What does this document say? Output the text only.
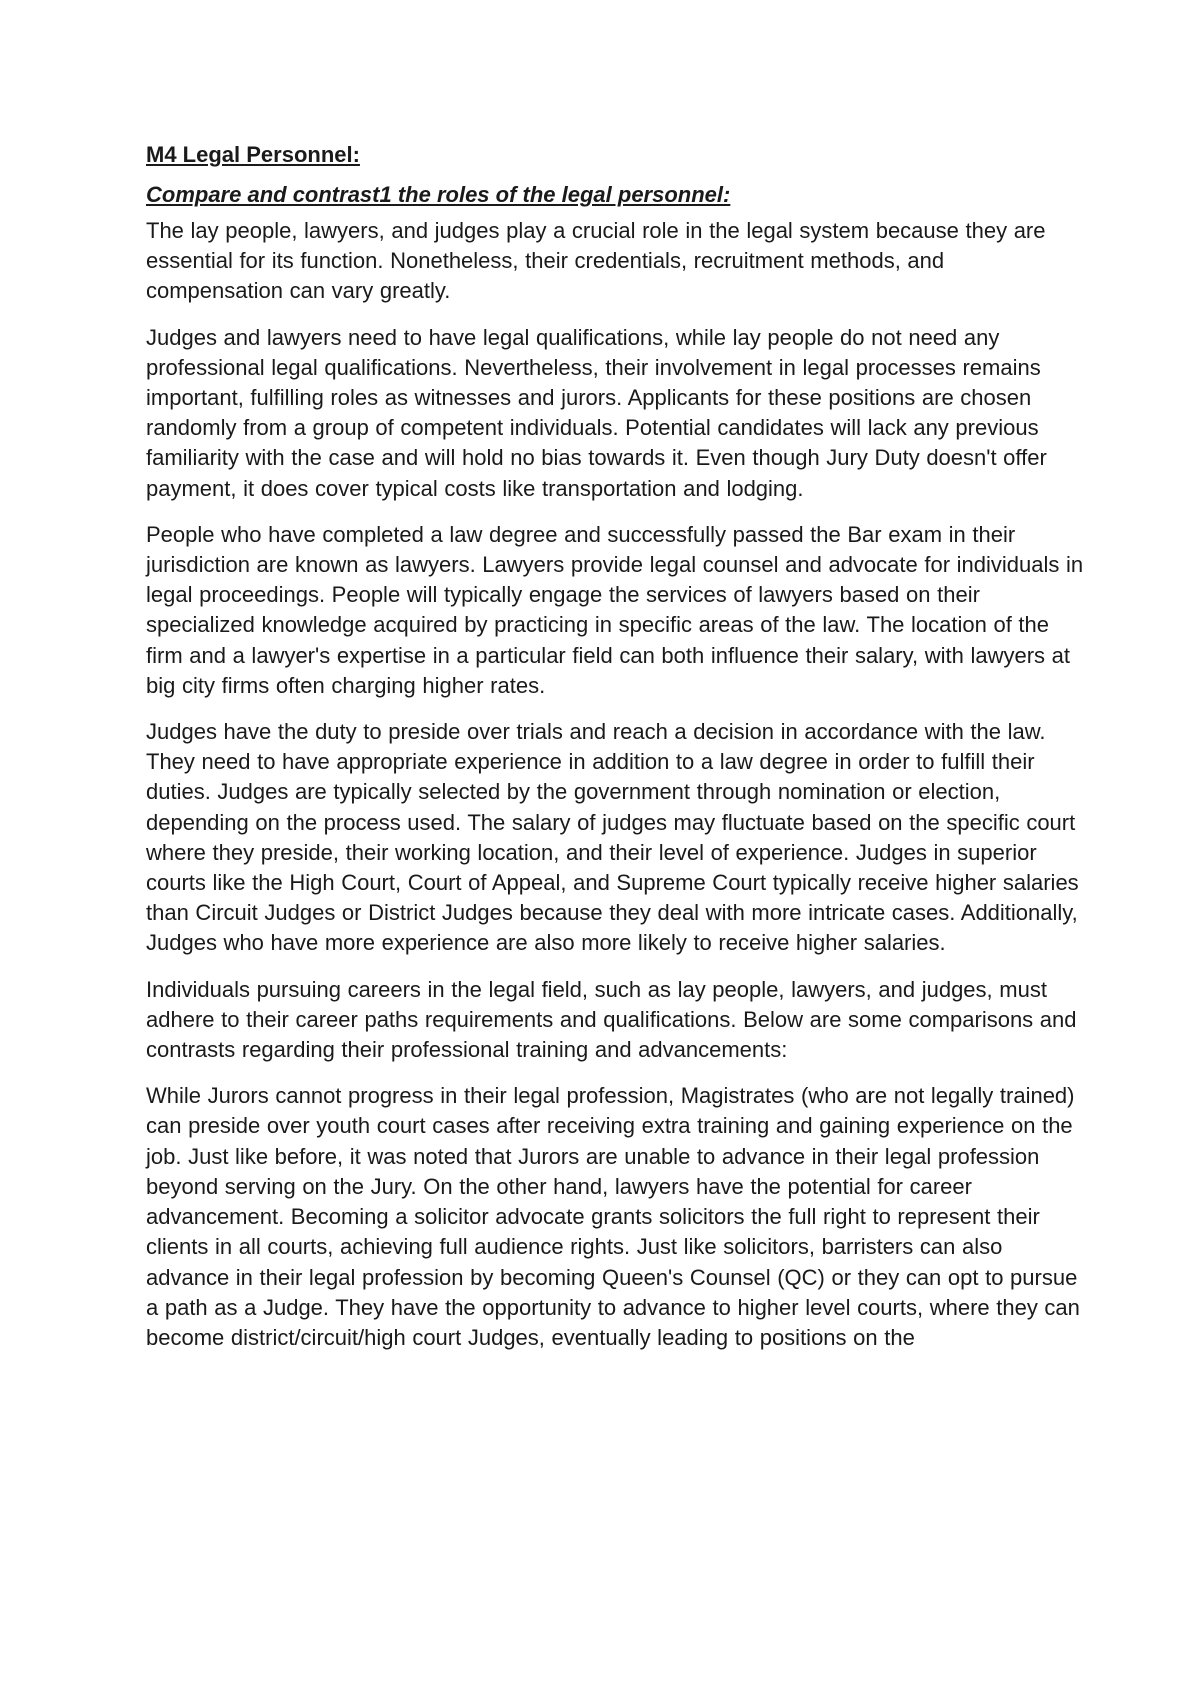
M4 Legal Personnel:
Compare and contrast1 the roles of the legal personnel:

The lay people, lawyers, and judges play a crucial role in the legal system because they are essential for its function. Nonetheless, their credentials, recruitment methods, and compensation can vary greatly.

Judges and lawyers need to have legal qualifications, while lay people do not need any professional legal qualifications. Nevertheless, their involvement in legal processes remains important, fulfilling roles as witnesses and jurors. Applicants for these positions are chosen randomly from a group of competent individuals. Potential candidates will lack any previous familiarity with the case and will hold no bias towards it. Even though Jury Duty doesn't offer payment, it does cover typical costs like transportation and lodging.

People who have completed a law degree and successfully passed the Bar exam in their jurisdiction are known as lawyers. Lawyers provide legal counsel and advocate for individuals in legal proceedings. People will typically engage the services of lawyers based on their specialized knowledge acquired by practicing in specific areas of the law. The location of the firm and a lawyer's expertise in a particular field can both influence their salary, with lawyers at big city firms often charging higher rates.

Judges have the duty to preside over trials and reach a decision in accordance with the law. They need to have appropriate experience in addition to a law degree in order to fulfill their duties. Judges are typically selected by the government through nomination or election, depending on the process used. The salary of judges may fluctuate based on the specific court where they preside, their working location, and their level of experience. Judges in superior courts like the High Court, Court of Appeal, and Supreme Court typically receive higher salaries than Circuit Judges or District Judges because they deal with more intricate cases. Additionally, Judges who have more experience are also more likely to receive higher salaries.

Individuals pursuing careers in the legal field, such as lay people, lawyers, and judges, must adhere to their career paths requirements and qualifications. Below are some comparisons and contrasts regarding their professional training and advancements:

While Jurors cannot progress in their legal profession, Magistrates (who are not legally trained) can preside over youth court cases after receiving extra training and gaining experience on the job. Just like before, it was noted that Jurors are unable to advance in their legal profession beyond serving on the Jury. On the other hand, lawyers have the potential for career advancement. Becoming a solicitor advocate grants solicitors the full right to represent their clients in all courts, achieving full audience rights. Just like solicitors, barristers can also advance in their legal profession by becoming Queen's Counsel (QC) or they can opt to pursue a path as a Judge. They have the opportunity to advance to higher level courts, where they can become district/circuit/high court Judges, eventually leading to positions on the
